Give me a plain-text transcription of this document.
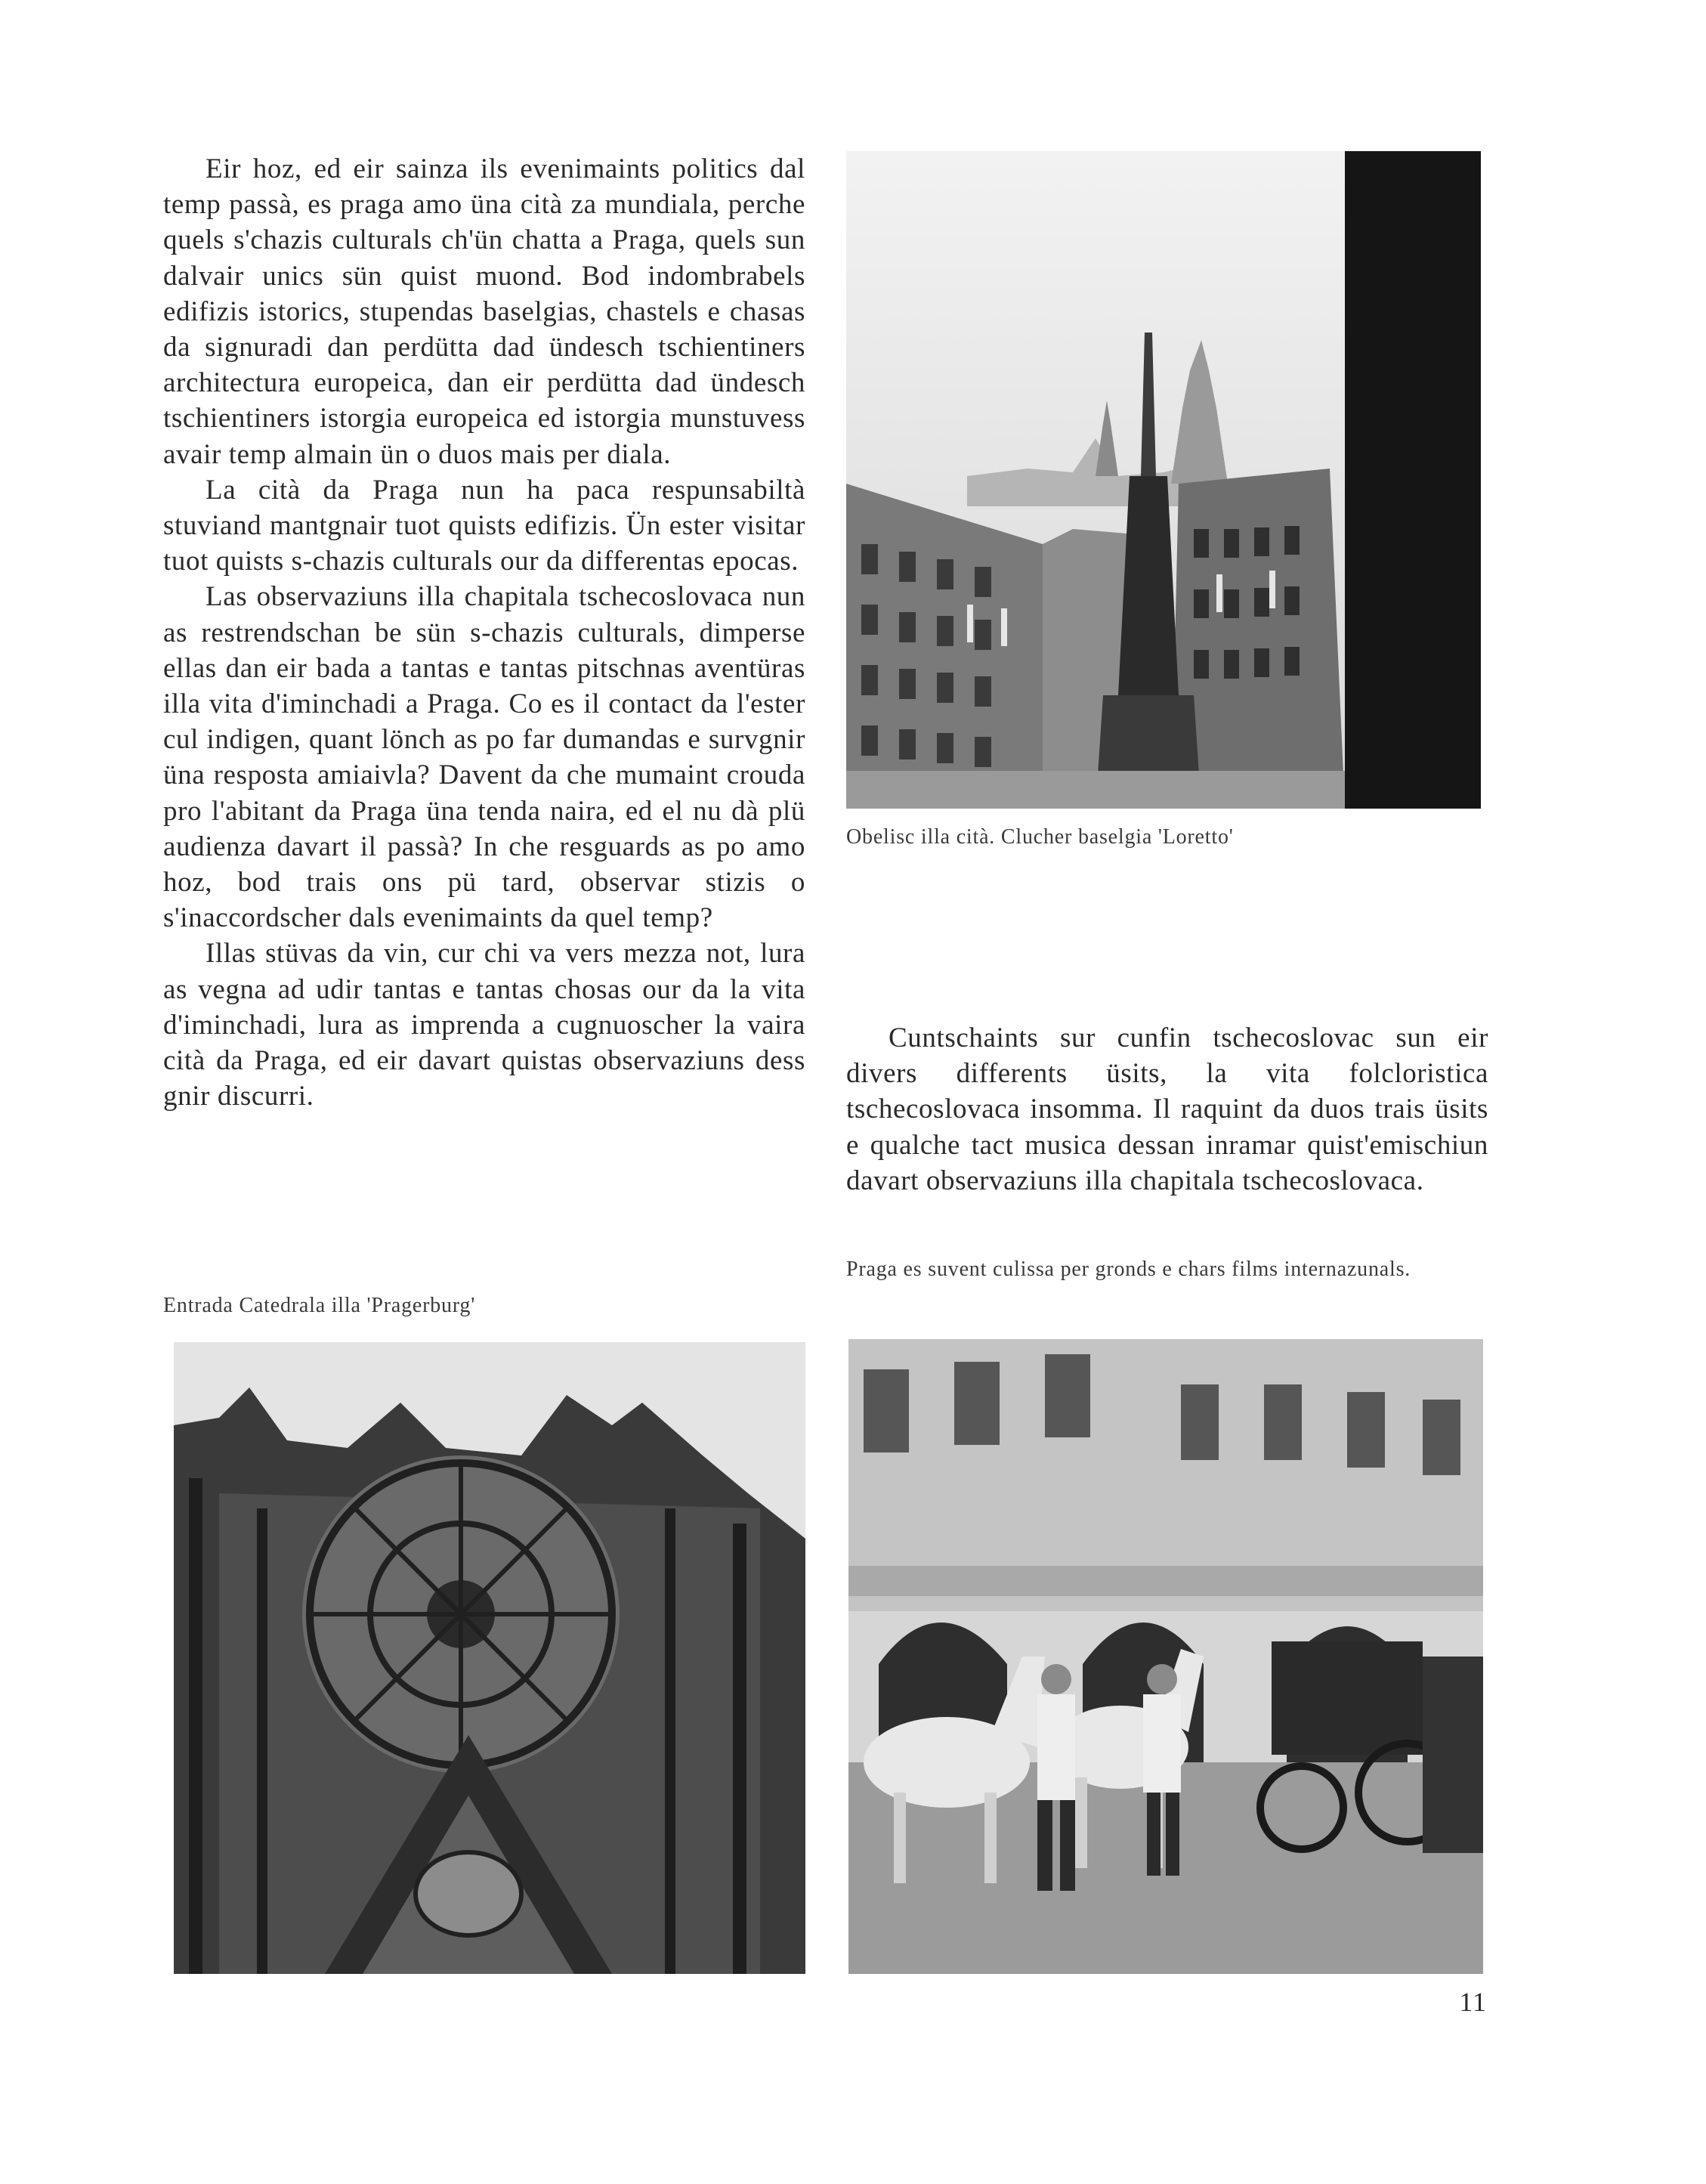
Eir hoz, ed eir sainza ils evenimaints politics dal temp passà, es praga amo üna cità za mundiala, perche quels s'chazis culturals ch'ün chatta a Praga, quels sun dalvair unics sün quist muond. Bod indombrabels edifizis istorics, stupendas baselgias, chastels e chasas da signuradi dan perdütta dad ündesch tschientiners architectura europeica, dan eir perdütta dad ündesch tschientiners istorgia europeica ed istorgia munstuvess avair temp almain ün o duos mais per diala.

La cità da Praga nun ha paca respunsabiltà stuviand mantgnair tuot quists edifizis. Ün ester visitar tuot quists s-chazis culturals our da differentas epocas.

Las observaziuns illa chapitala tschecoslovaca nun as restrendschan be sün s-chazis culturals, dimperse ellas dan eir bada a tantas e tantas pitschnas aventüras illa vita d'iminchadi a Praga. Co es il contact da l'ester cul indigen, quant lönch as po far dumandas e survgnir üna resposta amiaivla? Davent da che mumaint crouda pro l'abitant da Praga üna tenda naira, ed el nu dà plü audienza davart il passà? In che resguards as po amo hoz, bod trais ons pü tard, observar stizis o s'inaccordscher dals evenimaints da quel temp?

Illas stüvas da vin, cur chi va vers mezza not, lura as vegna ad udir tantas e tantas chosas our da la vita d'iminchadi, lura as imprenda a cugnuoscher la vaira cità da Praga, ed eir davart quistas observaziuns dess gnir discurri.

Obelisc illa cità. Clucher baselgia 'Loretto'

Cuntschaints sur cunfin tschecoslovac sun eir divers differents üsits, la vita folcloristica tschecoslovaca insomma. Il raquint da duos trais üsits e qualche tact musica dessan inramar quist'emischiun davart observaziuns illa chapitala tschecoslovaca.

Entrada Catedrala illa 'Pragerburg'
Praga es suvent culissa per gronds e chars films internazunals.
11
